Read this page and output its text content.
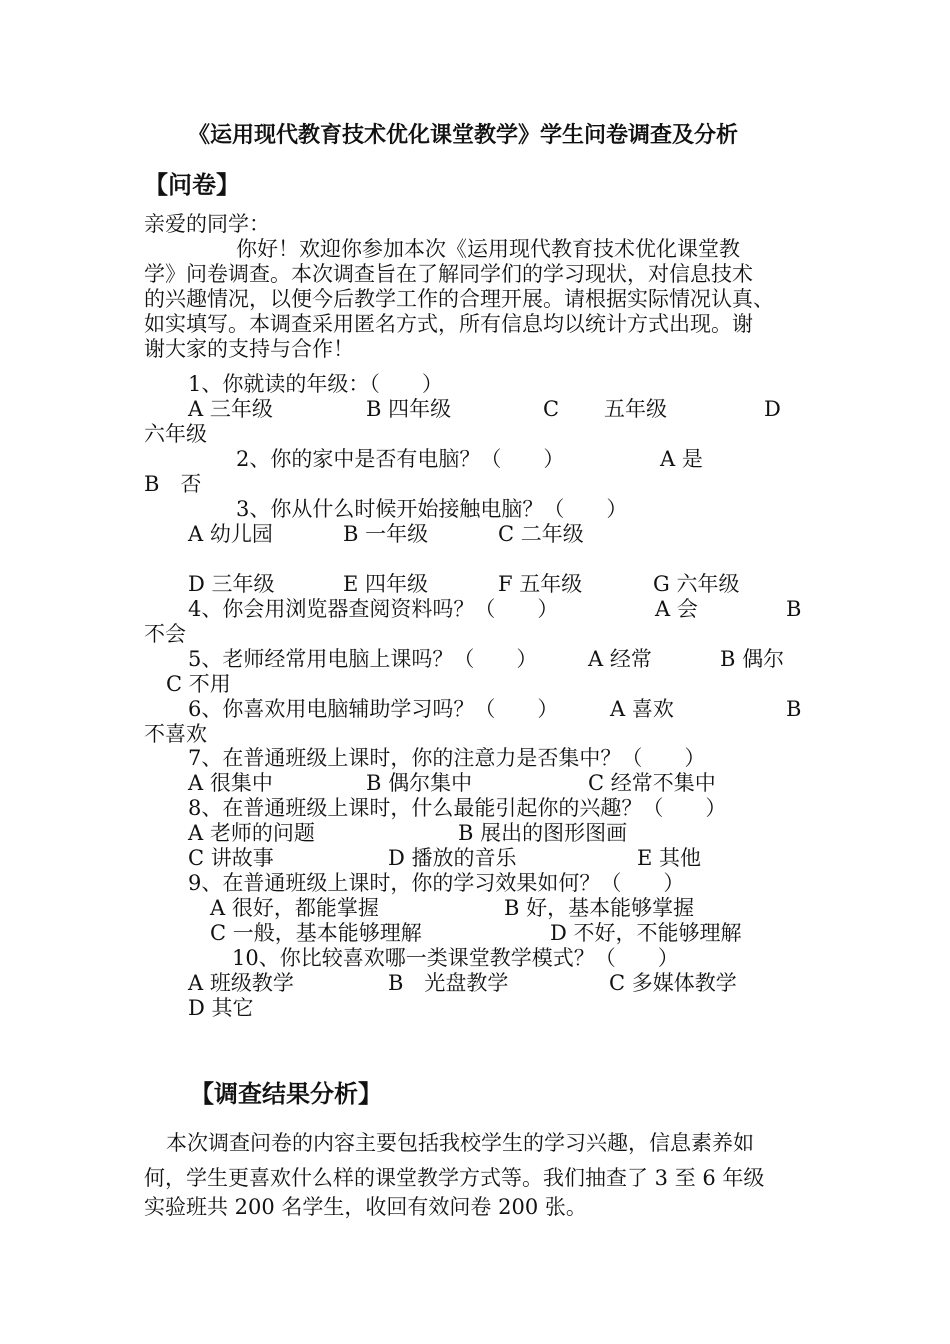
《运用现代教育技术优化课堂教学》学生问卷调查及分析
【问卷】
亲爱的同学：
你好！欢迎你参加本次《运用现代教育技术优化课堂教
学》问卷调查。本次调查旨在了解同学们的学习现状，对信息技术
的兴趣情况，以便今后教学工作的合理开展。请根据实际情况认真、
如实填写。本调查采用匿名方式，所有信息均以统计方式出现。谢
谢大家的支持与合作！
1、你就读的年级：（　　）
A 三年级	B 四年级	C 五年级	D
六年级
2、你的家中是否有电脑？（　　）	A 是
B　否
3、你从什么时候开始接触电脑？（　　）
A 幼儿园	B 一年级	C 二年级
D 三年级	E 四年级	F 五年级	G 六年级
4、你会用浏览器查阅资料吗？（　　）	A 会	B
不会
5、老师经常用电脑上课吗？（　　） A 经常	B 偶尔
C 不用
6、你喜欢用电脑辅助学习吗？（　　） A 喜欢	B
不喜欢
7、在普通班级上课时，你的注意力是否集中？（　　）
A 很集中	B 偶尔集中	C 经常不集中
8、在普通班级上课时，什么最能引起你的兴趣？（　　）
A 老师的问题	B 展出的图形图画
C 讲故事	D 播放的音乐	E 其他
9、在普通班级上课时，你的学习效果如何？（　　）
A 很好，都能掌握	B 好，基本能够掌握
C 一般，基本能够理解	D 不好，不能够理解
10、你比较喜欢哪一类课堂教学模式？（　　）
A 班级教学	B　光盘教学	C 多媒体教学
D 其它
【调查结果分析】
本次调查问卷的内容主要包括我校学生的学习兴趣，信息素养如
何，学生更喜欢什么样的课堂教学方式等。我们抽查了 3 至 6 年级
实验班共 200 名学生，收回有效问卷 200 张。
